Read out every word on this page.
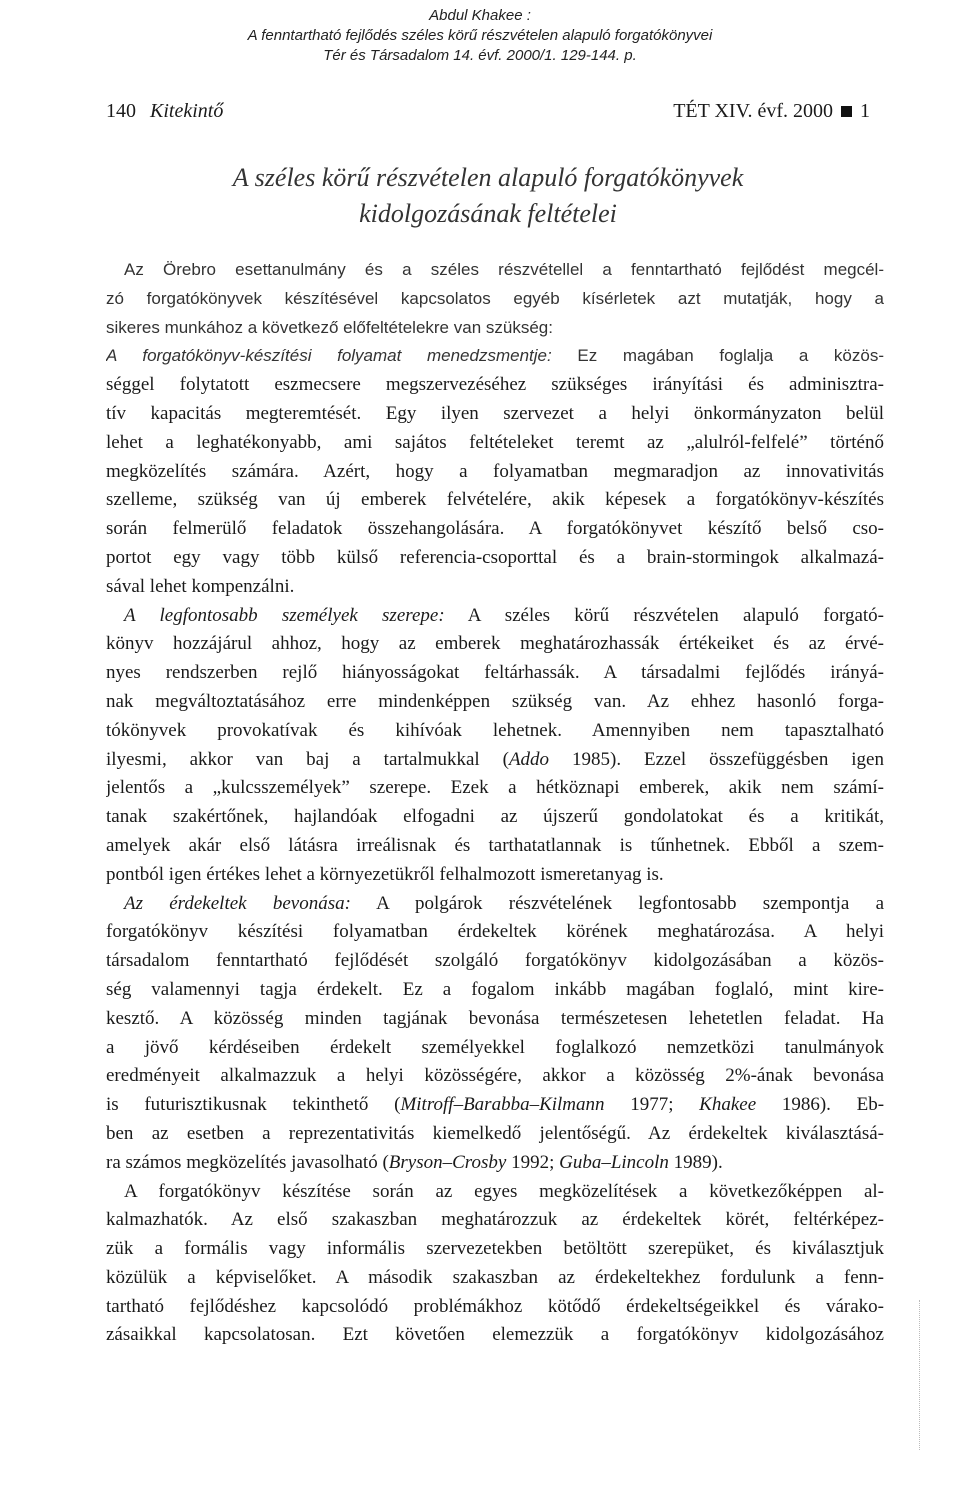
Abdul Khakee :
A fenntartható fejlődés széles körű részvételen alapuló forgatókönyvei
Tér és Társadalom 14. évf. 2000/1. 129-144. p.
140 Kitekintő	TÉT XIV. évf. 2000 1
A széles körű részvételen alapuló forgatókönyvek
kidolgozásának feltételei
Az Örebro esettanulmány és a széles részvétellel a fenntartható fejlődést megcél-
zó forgatókönyvek készítésével kapcsolatos egyéb kísérletek azt mutatják, hogy a
sikeres munkához a következő előfeltételekre van szükség:
A forgatókönyv-készítési folyamat menedzsmentje: Ez magában foglalja a közös-
séggel folytatott eszmecsere megszervezéséhez szükséges irányítási és adminisztra-
tív kapacitás megteremtését. Egy ilyen szervezet a helyi önkormányzaton belül
lehet a leghatékonyabb, ami sajátos feltételeket teremt az „alulról-felfelé” történő
megközelítés számára. Azért, hogy a folyamatban megmaradjon az innovativitás
szelleme, szükség van új emberek felvételére, akik képesek a forgatókönyv-készítés
során felmerülő feladatok összehangolására. A forgatókönyvet készítő belső cso-
portot egy vagy több külső referencia-csoporttal és a brain-stormingok alkalmazá-
sával lehet kompenzálni.
A legfontosabb személyek szerepe: A széles körű részvételen alapuló forgató-
könyv hozzájárul ahhoz, hogy az emberek meghatározhassák értékeiket és az érvé-
nyes rendszerben rejlő hiányosságokat feltárhassák. A társadalmi fejlődés irányá-
nak megváltoztatásához erre mindenképpen szükség van. Az ehhez hasonló forga-
tókönyvek provokatívak és kihívóak lehetnek. Amennyiben nem tapasztalható
ilyesmi, akkor van baj a tartalmukkal (Addo 1985). Ezzel összefüggésben igen
jelentős a „kulcsszemélyek” szerepe. Ezek a hétköznapi emberek, akik nem számí-
tanak szakértőnek, hajlandóak elfogadni az újszerű gondolatokat és a kritikát,
amelyek akár első látásra irreálisnak és tarthatatlannak is tűnhetnek. Ebből a szem-
pontból igen értékes lehet a környezetükről felhalmozott ismeretanyag is.
Az érdekeltek bevonása: A polgárok részvételének legfontosabb szempontja a
forgatókönyv készítési folyamatban érdekeltek körének meghatározása. A helyi
társadalom fenntartható fejlődését szolgáló forgatókönyv kidolgozásában a közös-
ség valamennyi tagja érdekelt. Ez a fogalom inkább magában foglaló, mint kire-
kesztő. A közösség minden tagjának bevonása természetesen lehetetlen feladat. Ha
a jövő kérdéseiben érdekelt személyekkel foglalkozó nemzetközi tanulmányok
eredményeit alkalmazzuk a helyi közösségére, akkor a közösség 2%-ának bevonása
is futurisztikusnak tekinthető (Mitroff–Barabba–Kilmann 1977; Khakee 1986). Eb-
ben az esetben a reprezentativitás kiemelkedő jelentőségű. Az érdekeltek kiválasztásá-
ra számos megközelítés javasolható (Bryson–Crosby 1992; Guba–Lincoln 1989).
A forgatókönyv készítése során az egyes megközelítések a következőképpen al-
kalmazhatók. Az első szakaszban meghatározzuk az érdekeltek körét, feltérképez-
zük a formális vagy informális szervezetekben betöltött szerepüket, és kiválasztjuk
közülük a képviselőket. A második szakaszban az érdekeltekhez fordulunk a fenn-
tartható fejlődéshez kapcsolódó problémákhoz kötődő érdekeltségeikkel és várako-
zásaikkal kapcsolatosan. Ezt követően elemezzük a forgatókönyv kidolgozásához
